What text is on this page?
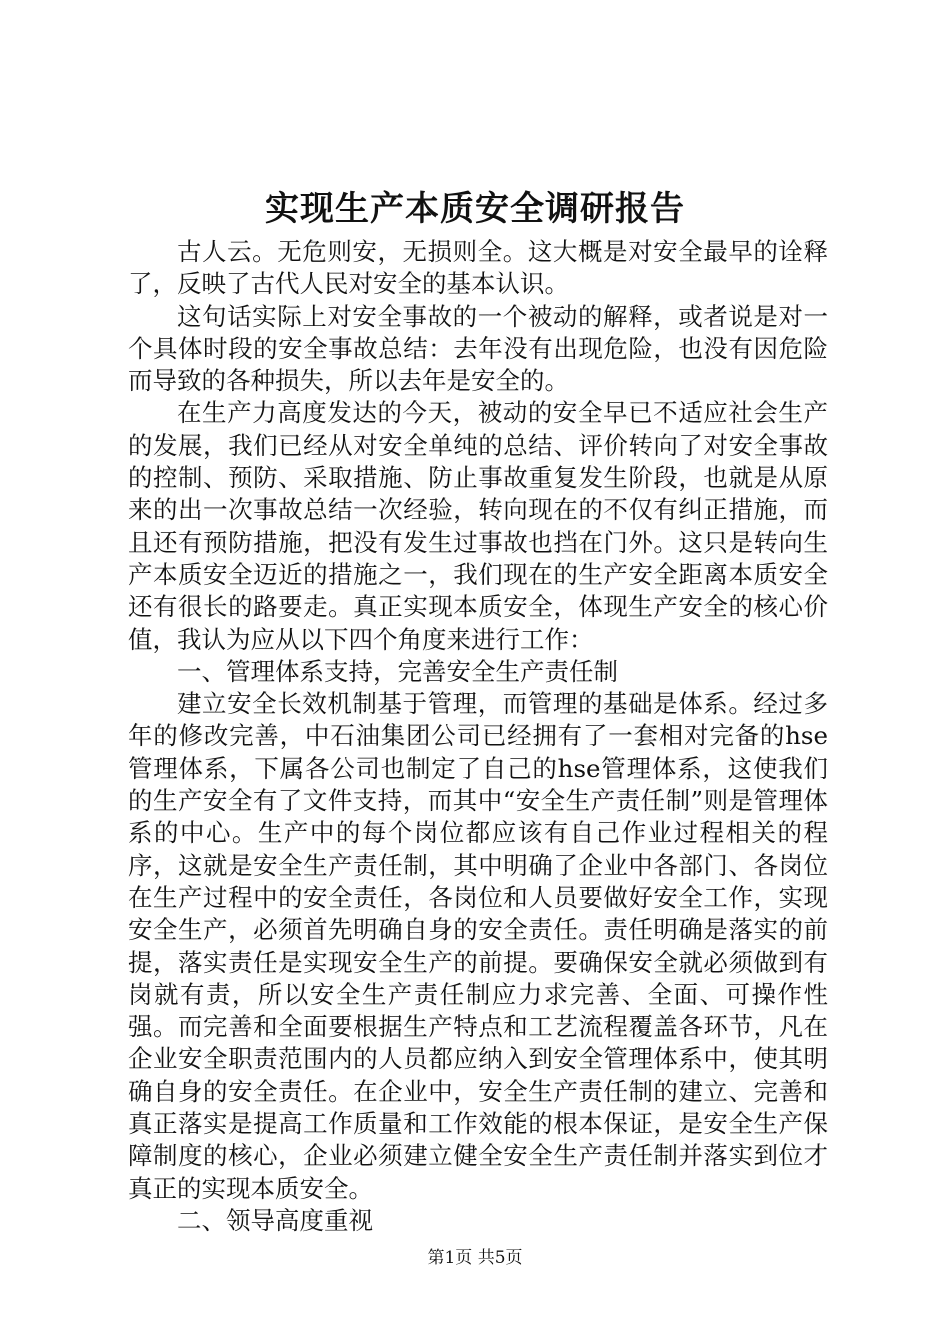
实现生产本质安全调研报告

古人云。无危则安，无损则全。这大概是对安全最早的诠释了，反映了古代人民对安全的基本认识。

这句话实际上对安全事故的一个被动的解释，或者说是对一个具体时段的安全事故总结：去年没有出现危险，也没有因危险而导致的各种损失，所以去年是安全的。

在生产力高度发达的今天，被动的安全早已不适应社会生产的发展，我们已经从对安全单纯的总结、评价转向了对安全事故的控制、预防、采取措施、防止事故重复发生阶段，也就是从原来的出一次事故总结一次经验，转向现在的不仅有纠正措施，而且还有预防措施，把没有发生过事故也挡在门外。这只是转向生产本质安全迈近的措施之一，我们现在的生产安全距离本质安全还有很长的路要走。真正实现本质安全，体现生产安全的核心价值，我认为应从以下四个角度来进行工作：

一、管理体系支持，完善安全生产责任制

建立安全长效机制基于管理，而管理的基础是体系。经过多年的修改完善，中石油集团公司已经拥有了一套相对完备的hse管理体系，下属各公司也制定了自己的hse管理体系，这使我们的生产安全有了文件支持，而其中“安全生产责任制”则是管理体系的中心。生产中的每个岗位都应该有自己作业过程相关的程序，这就是安全生产责任制，其中明确了企业中各部门、各岗位在生产过程中的安全责任，各岗位和人员要做好安全工作，实现安全生产，必须首先明确自身的安全责任。责任明确是落实的前提，落实责任是实现安全生产的前提。要确保安全就必须做到有岗就有责，所以安全生产责任制应力求完善、全面、可操作性强。而完善和全面要根据生产特点和工艺流程覆盖各环节，凡在企业安全职责范围内的人员都应纳入到安全管理体系中，使其明确自身的安全责任。在企业中，安全生产责任制的建立、完善和真正落实是提高工作质量和工作效能的根本保证，是安全生产保障制度的核心，企业必须建立健全安全生产责任制并落实到位才真正的实现本质安全。

二、领导高度重视

第1页 共5页
